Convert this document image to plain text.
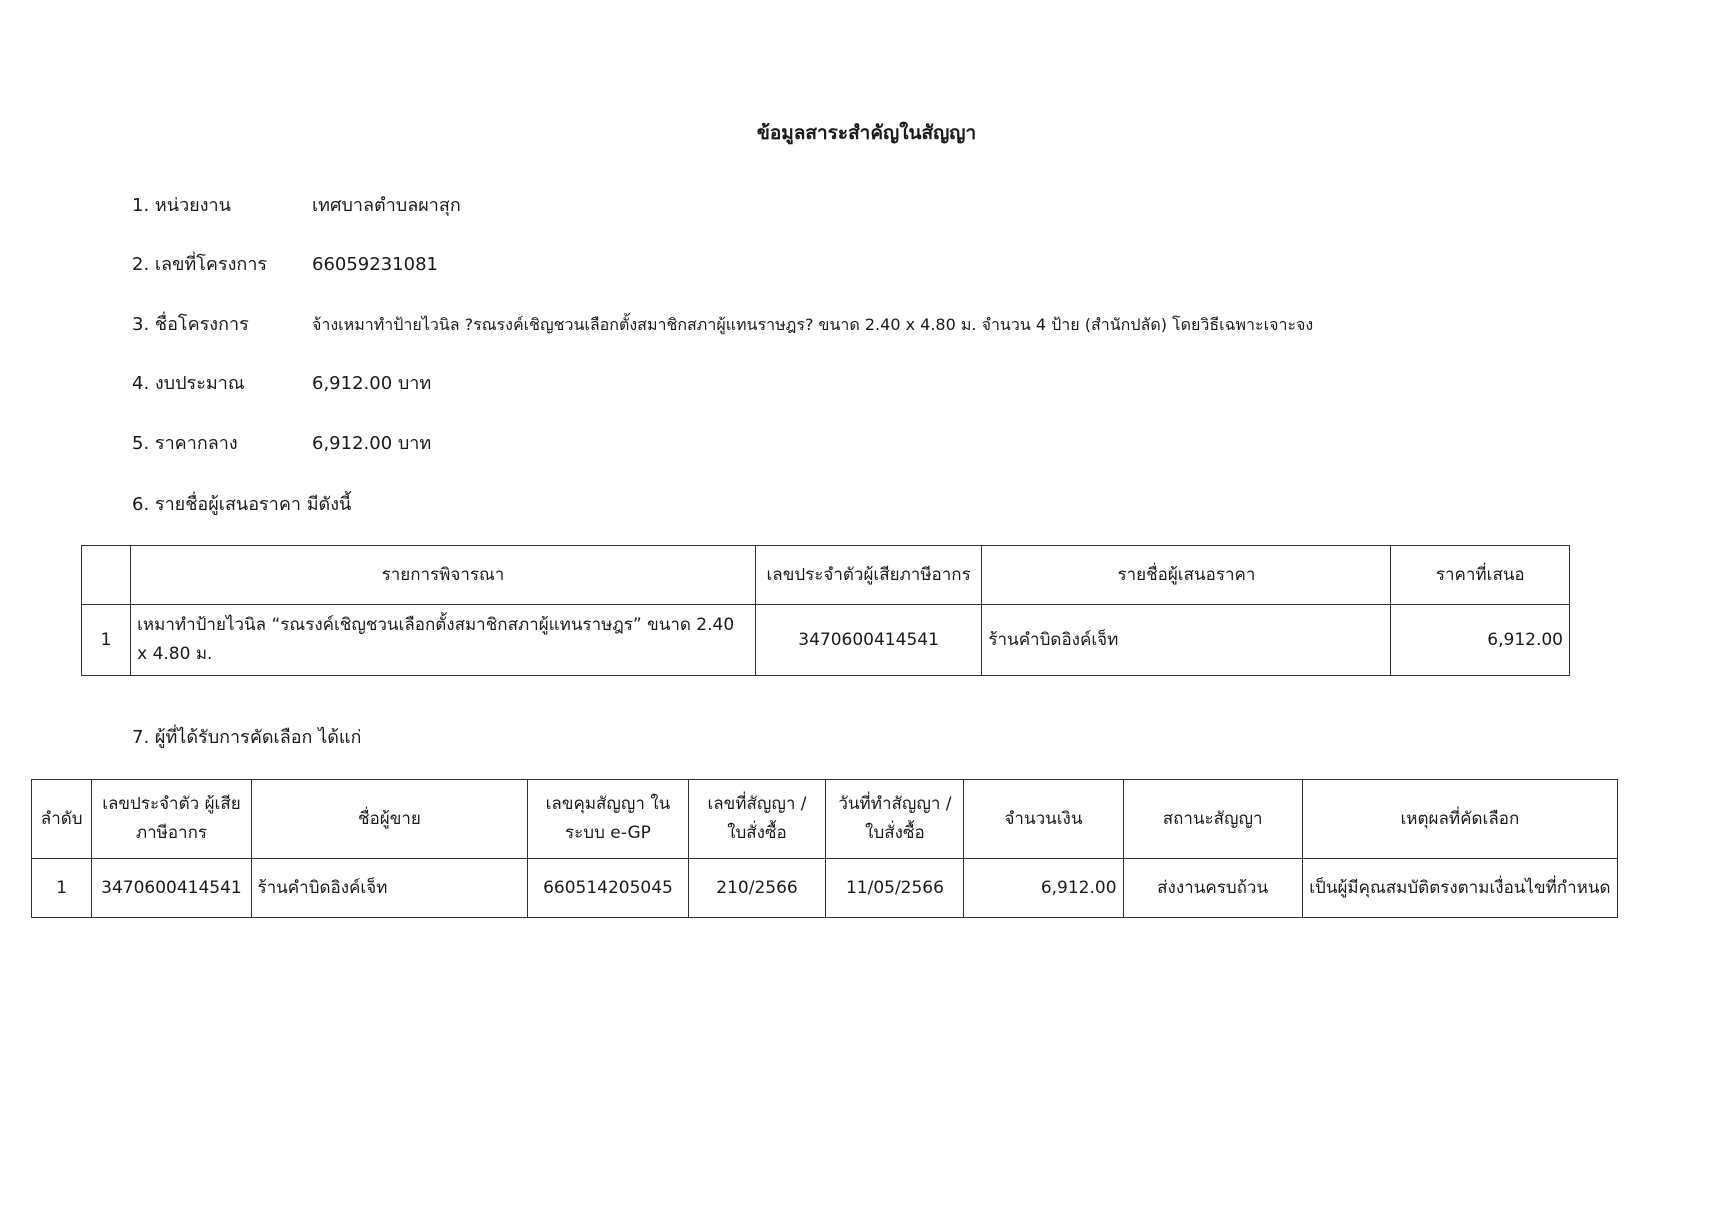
ข้อมูลสาระสำคัญในสัญญา
1. หน่วยงาน	เทศบาลตำบลผาสุก
2. เลขที่โครงการ 66059231081
3. ชื่อโครงการ	จ้างเหมาทำป้ายไวนิล ?รณรงค์เชิญชวนเลือกตั้งสมาชิกสภาผู้แทนราษฎร? ขนาด 2.40 x 4.80 ม. จำนวน 4 ป้าย (สำนักปลัด) โดยวิธีเฉพาะเจาะจง
4. งบประมาณ	6,912.00 บาท
5. ราคากลาง	6,912.00 บาท
6. รายชื่อผู้เสนอราคา มีดังนี้
	รายการพิจารณา	เลขประจำตัวผู้เสียภาษีอากร	รายชื่อผู้เสนอราคา	ราคาที่เสนอ
1	เหมาทำป้ายไวนิล “รณรงค์เชิญชวนเลือกตั้งสมาชิกสภาผู้แทนราษฎร” ขนาด 2.40 x 4.80 ม.	3470600414541	ร้านคำบิดอิงค์เจ็ท	6,912.00
7. ผู้ที่ได้รับการคัดเลือก ได้แก่
ลำดับ	เลขประจำตัว ผู้เสียภาษีอากร	ชื่อผู้ขาย	เลขคุมสัญญา ในระบบ e-GP	เลขที่สัญญา / ใบสั่งซื้อ	วันที่ทำสัญญา / ใบสั่งซื้อ	จำนวนเงิน	สถานะสัญญา	เหตุผลที่คัดเลือก
1	3470600414541	ร้านคำบิดอิงค์เจ็ท	660514205045	210/2566	11/05/2566	6,912.00	ส่งงานครบถ้วน	เป็นผู้มีคุณสมบัติตรงตามเงื่อนไขที่กำหนด
